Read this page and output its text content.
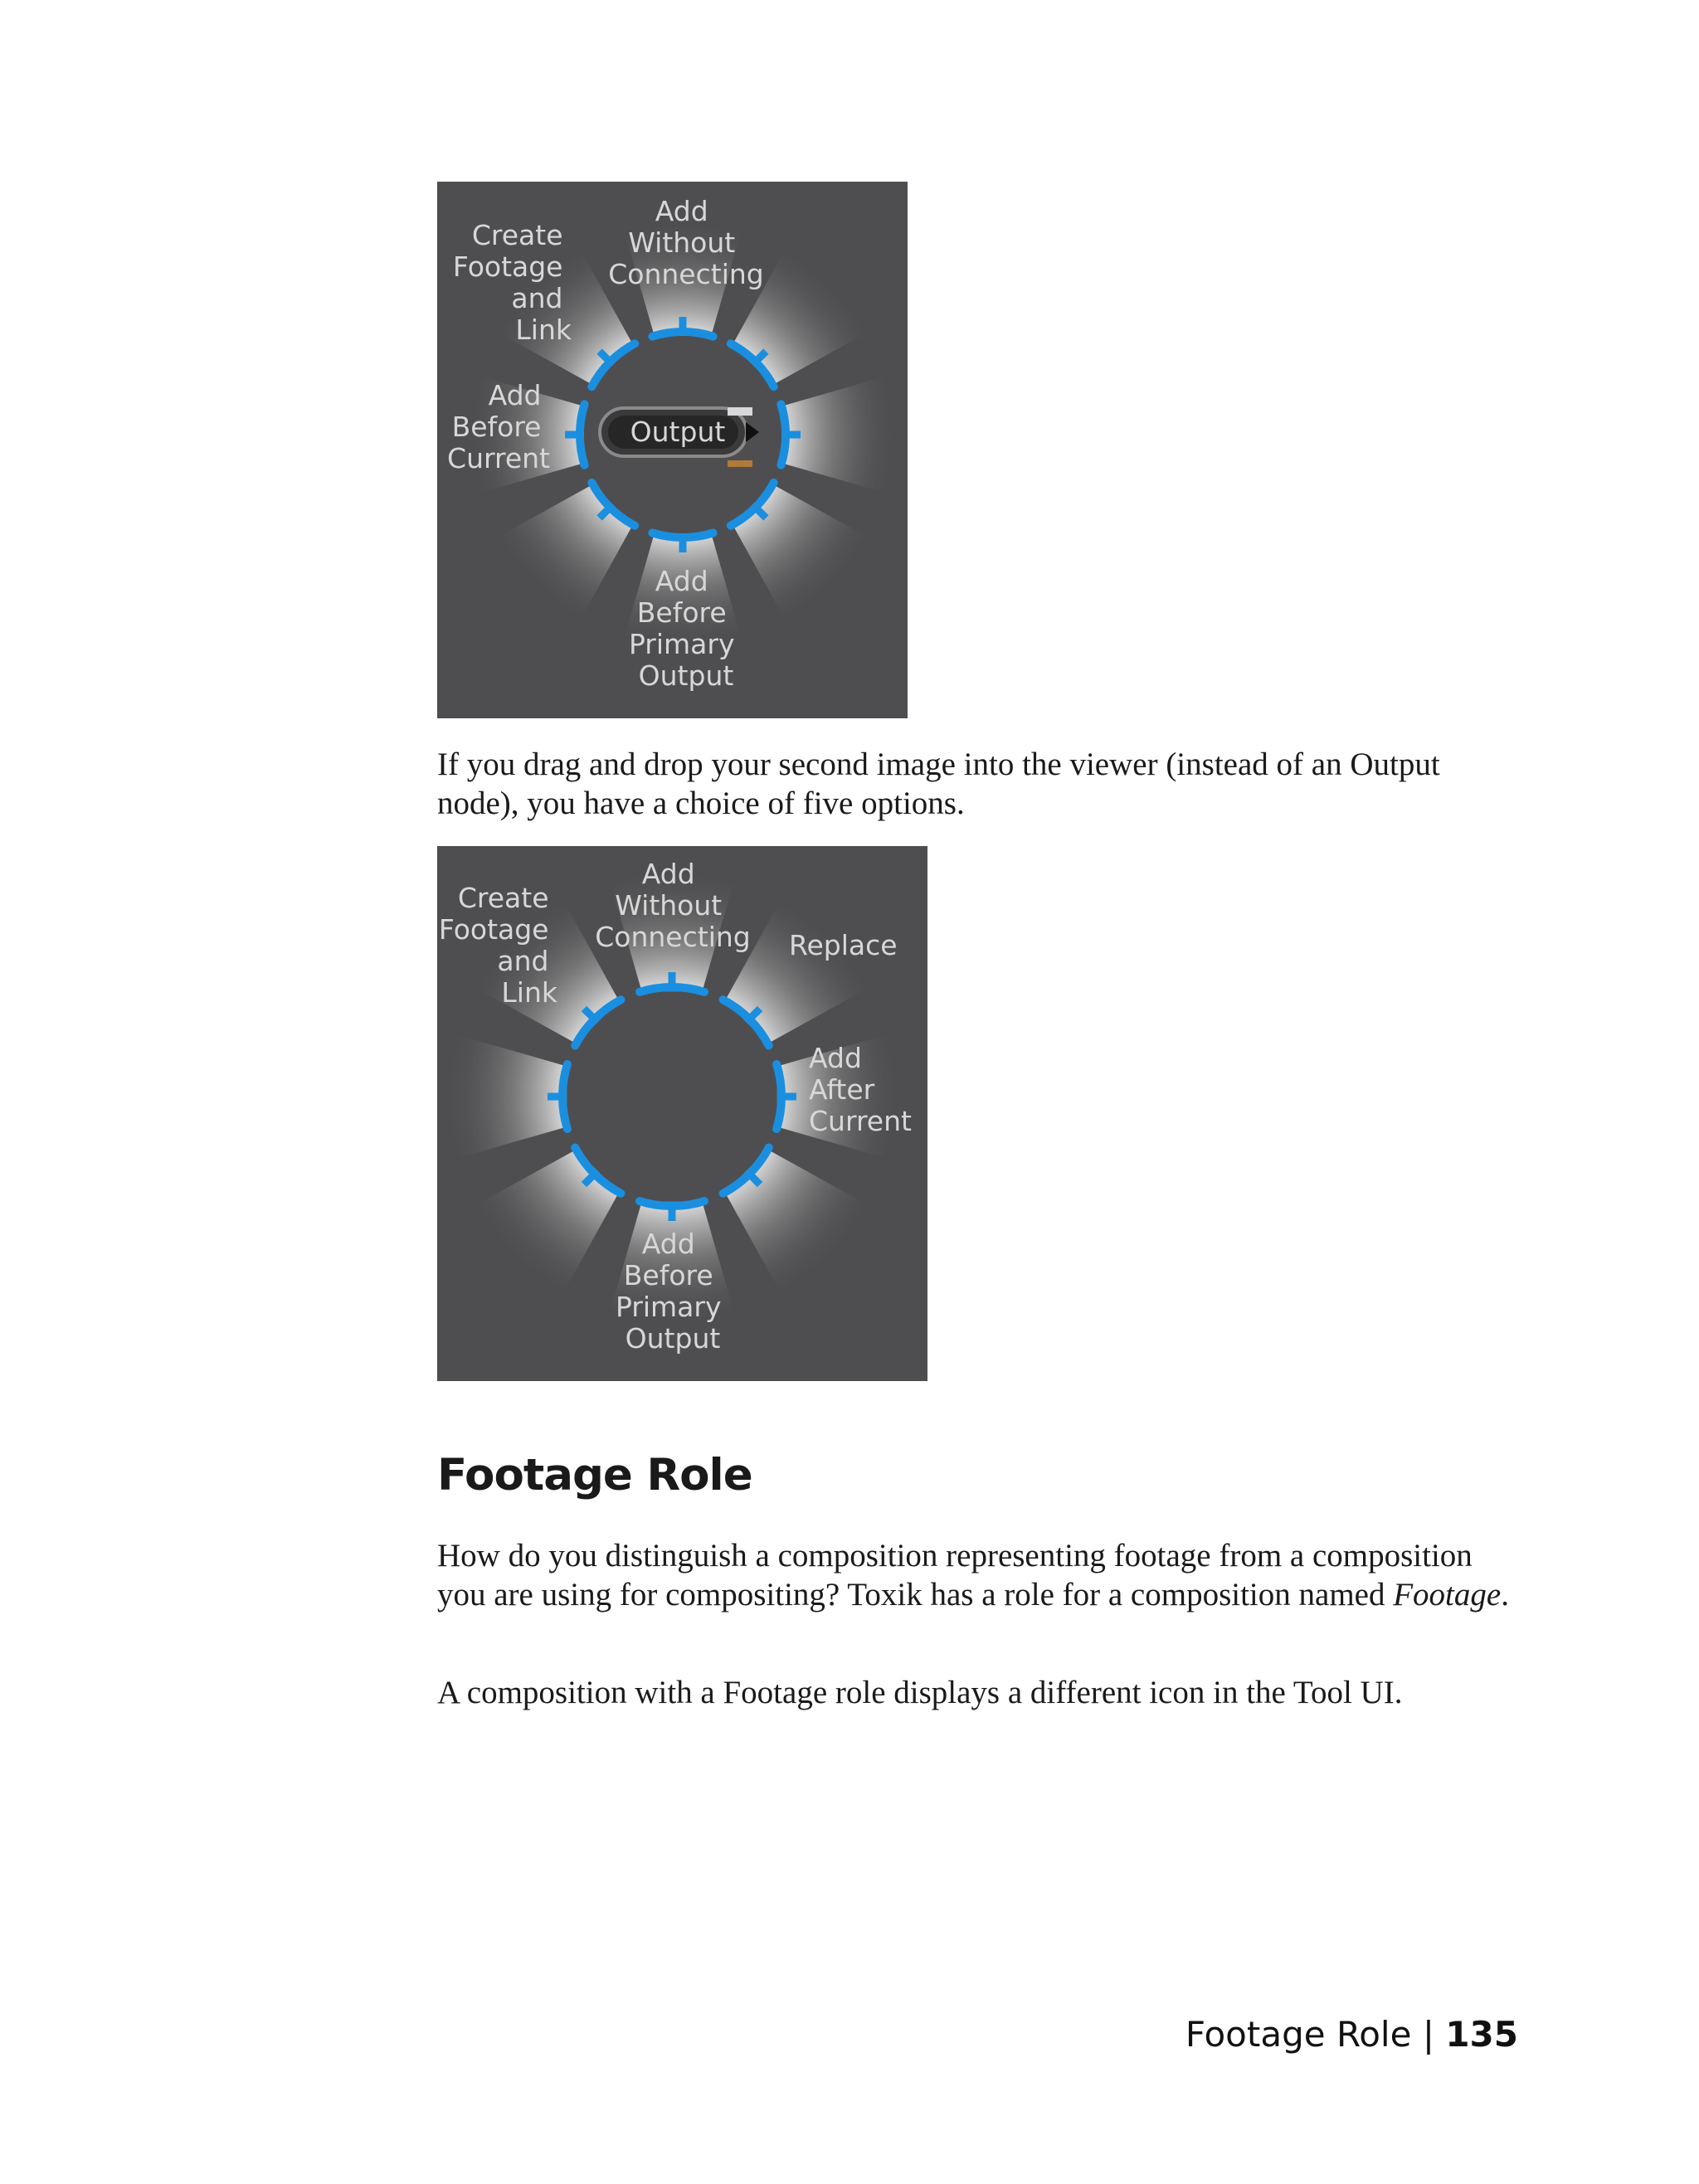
Output
Add Without Connecting
Create Footage and Link
Add Before Current
Add Before Primary Output

If you drag and drop your second image into the viewer (instead of an Output node), you have a choice of five options.

Add Without Connecting
Create Footage and Link
Replace
Add After Current
Add Before Primary Output
Footage Role

How do you distinguish a composition representing footage from a composition you are using for compositing? Toxik has a role for a composition named Footage.

A composition with a Footage role displays a different icon in the Tool UI.

Footage Role | 135
